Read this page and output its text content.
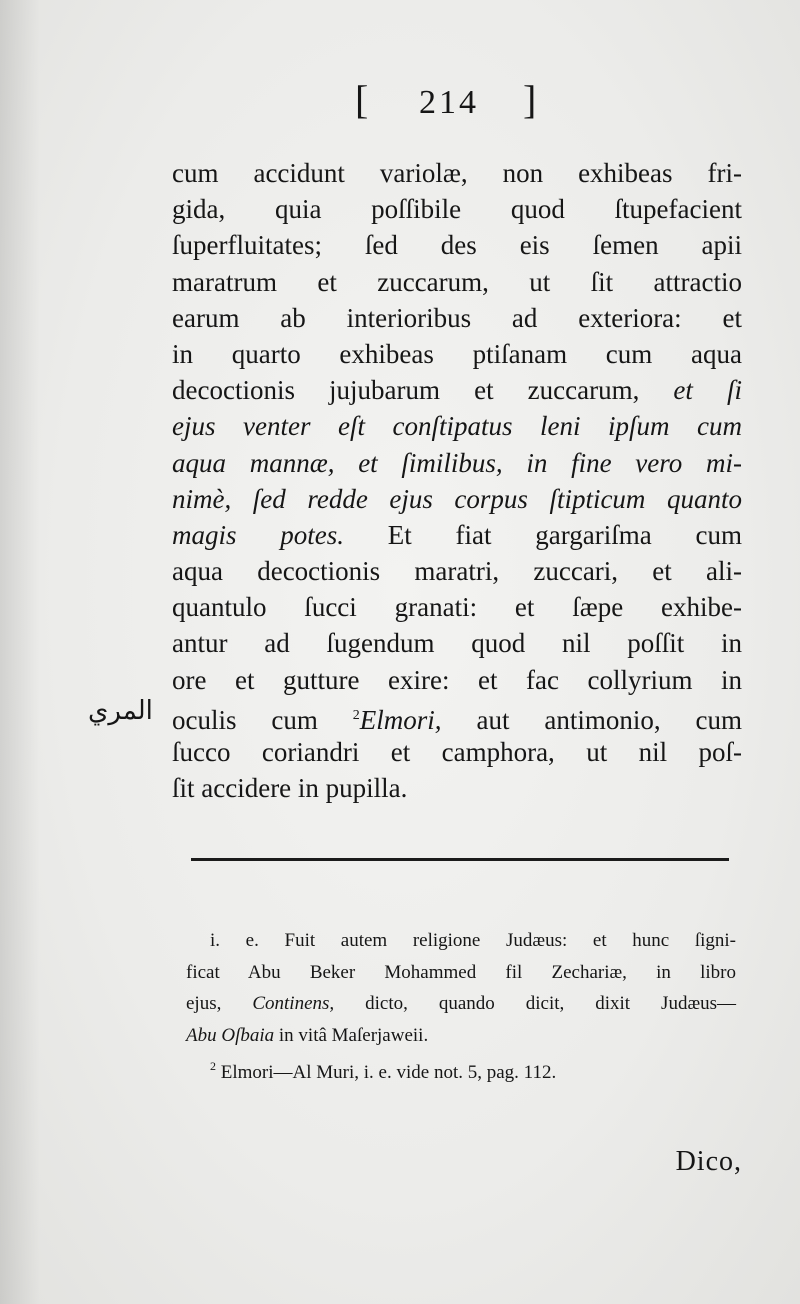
[ 214 ]
cum accidunt variolæ, non exhibeas fri-
gida, quia poſſibile quod ſtupefacient
ſuperfluitates; ſed des eis ſemen apii
maratrum et zuccarum, ut ſit attractio
earum ab interioribus ad exteriora: et
in quarto exhibeas ptiſanam cum aqua
decoctionis jujubarum et zuccarum, et ſi
ejus venter eſt conſtipatus leni ipſum cum
aqua mannæ, et ſimilibus, in fine vero mi-
nimè, ſed redde ejus corpus ſtipticum quanto
magis potes. Et fiat gargariſma cum
aqua decoctionis maratri, zuccari, et ali-
quantulo ſucci granati: et ſæpe exhibe-
antur ad ſugendum quod nil poſſit in
ore et gutture exire: et fac collyrium in
oculis cum $^2$Elmori, aut antimonio, cum
ſucco coriandri et camphora, ut nil poſ-
ſit accidere in pupilla.
المري
i. e. Fuit autem religione Judæus: et hunc ſigni-
ficat Abu Beker Mohammed fil Zechariæ, in libro
ejus, Continens, dicto, quando dicit, dixit Judæus—
Abu Oſbaia in vitâ Maſerjaweii.
$^2$ Elmori—Al Muri, i. e. vide not. 5, pag. 112.
Dico,
